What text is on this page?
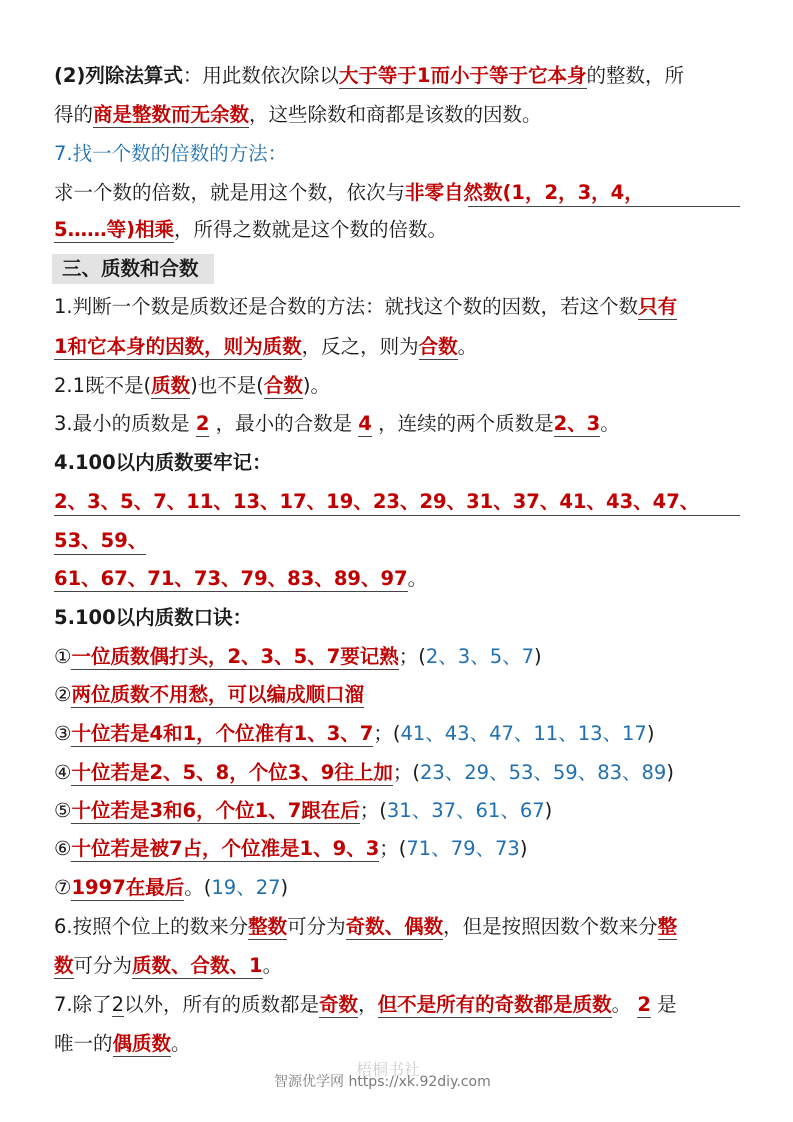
(2)列除法算式：用此数依次除以大于等于1而小于等于它本身的整数，所
得的商是整数而无余数，这些除数和商都是该数的因数。
7.找一个数的倍数的方法：
求一个数的倍数，就是用这个数，依次与非零自然数(1，2，3，4，
5……等)相乘，所得之数就是这个数的倍数。
三、质数和合数
1.判断一个数是质数还是合数的方法：就找这个数的因数，若这个数只有
1和它本身的因数，则为质数，反之，则为合数。
2.1既不是(质数)也不是(合数)。
3.最小的质数是 2 ，最小的合数是 4 ，连续的两个质数是2、3。
4.100以内质数要牢记：
2、3、5、7、11、13、17、19、23、29、31、37、41、43、47、
53、59、
61、67、71、73、79、83、89、97。
5.100以内质数口诀：
①一位质数偶打头，2、3、5、7要记熟；(2、3、5、7)
②两位质数不用愁，可以编成顺口溜
③十位若是4和1，个位准有1、3、7；(41、43、47、11、13、17)
④十位若是2、5、8，个位3、9往上加；(23、29、53、59、83、89)
⑤十位若是3和6，个位1、7跟在后；(31、37、61、67)
⑥十位若是被7占，个位准是1、9、3；(71、79、73)
⑦1997在最后。(19、27)
6.按照个位上的数来分整数可分为奇数、偶数，但是按照因数个数来分整
数可分为质数、合数、1。
7.除了2以外，所有的质数都是奇数，但不是所有的奇数都是质数。 2 是
唯一的偶质数。
梧桐书社
智源优学网 https://xk.92diy.com
